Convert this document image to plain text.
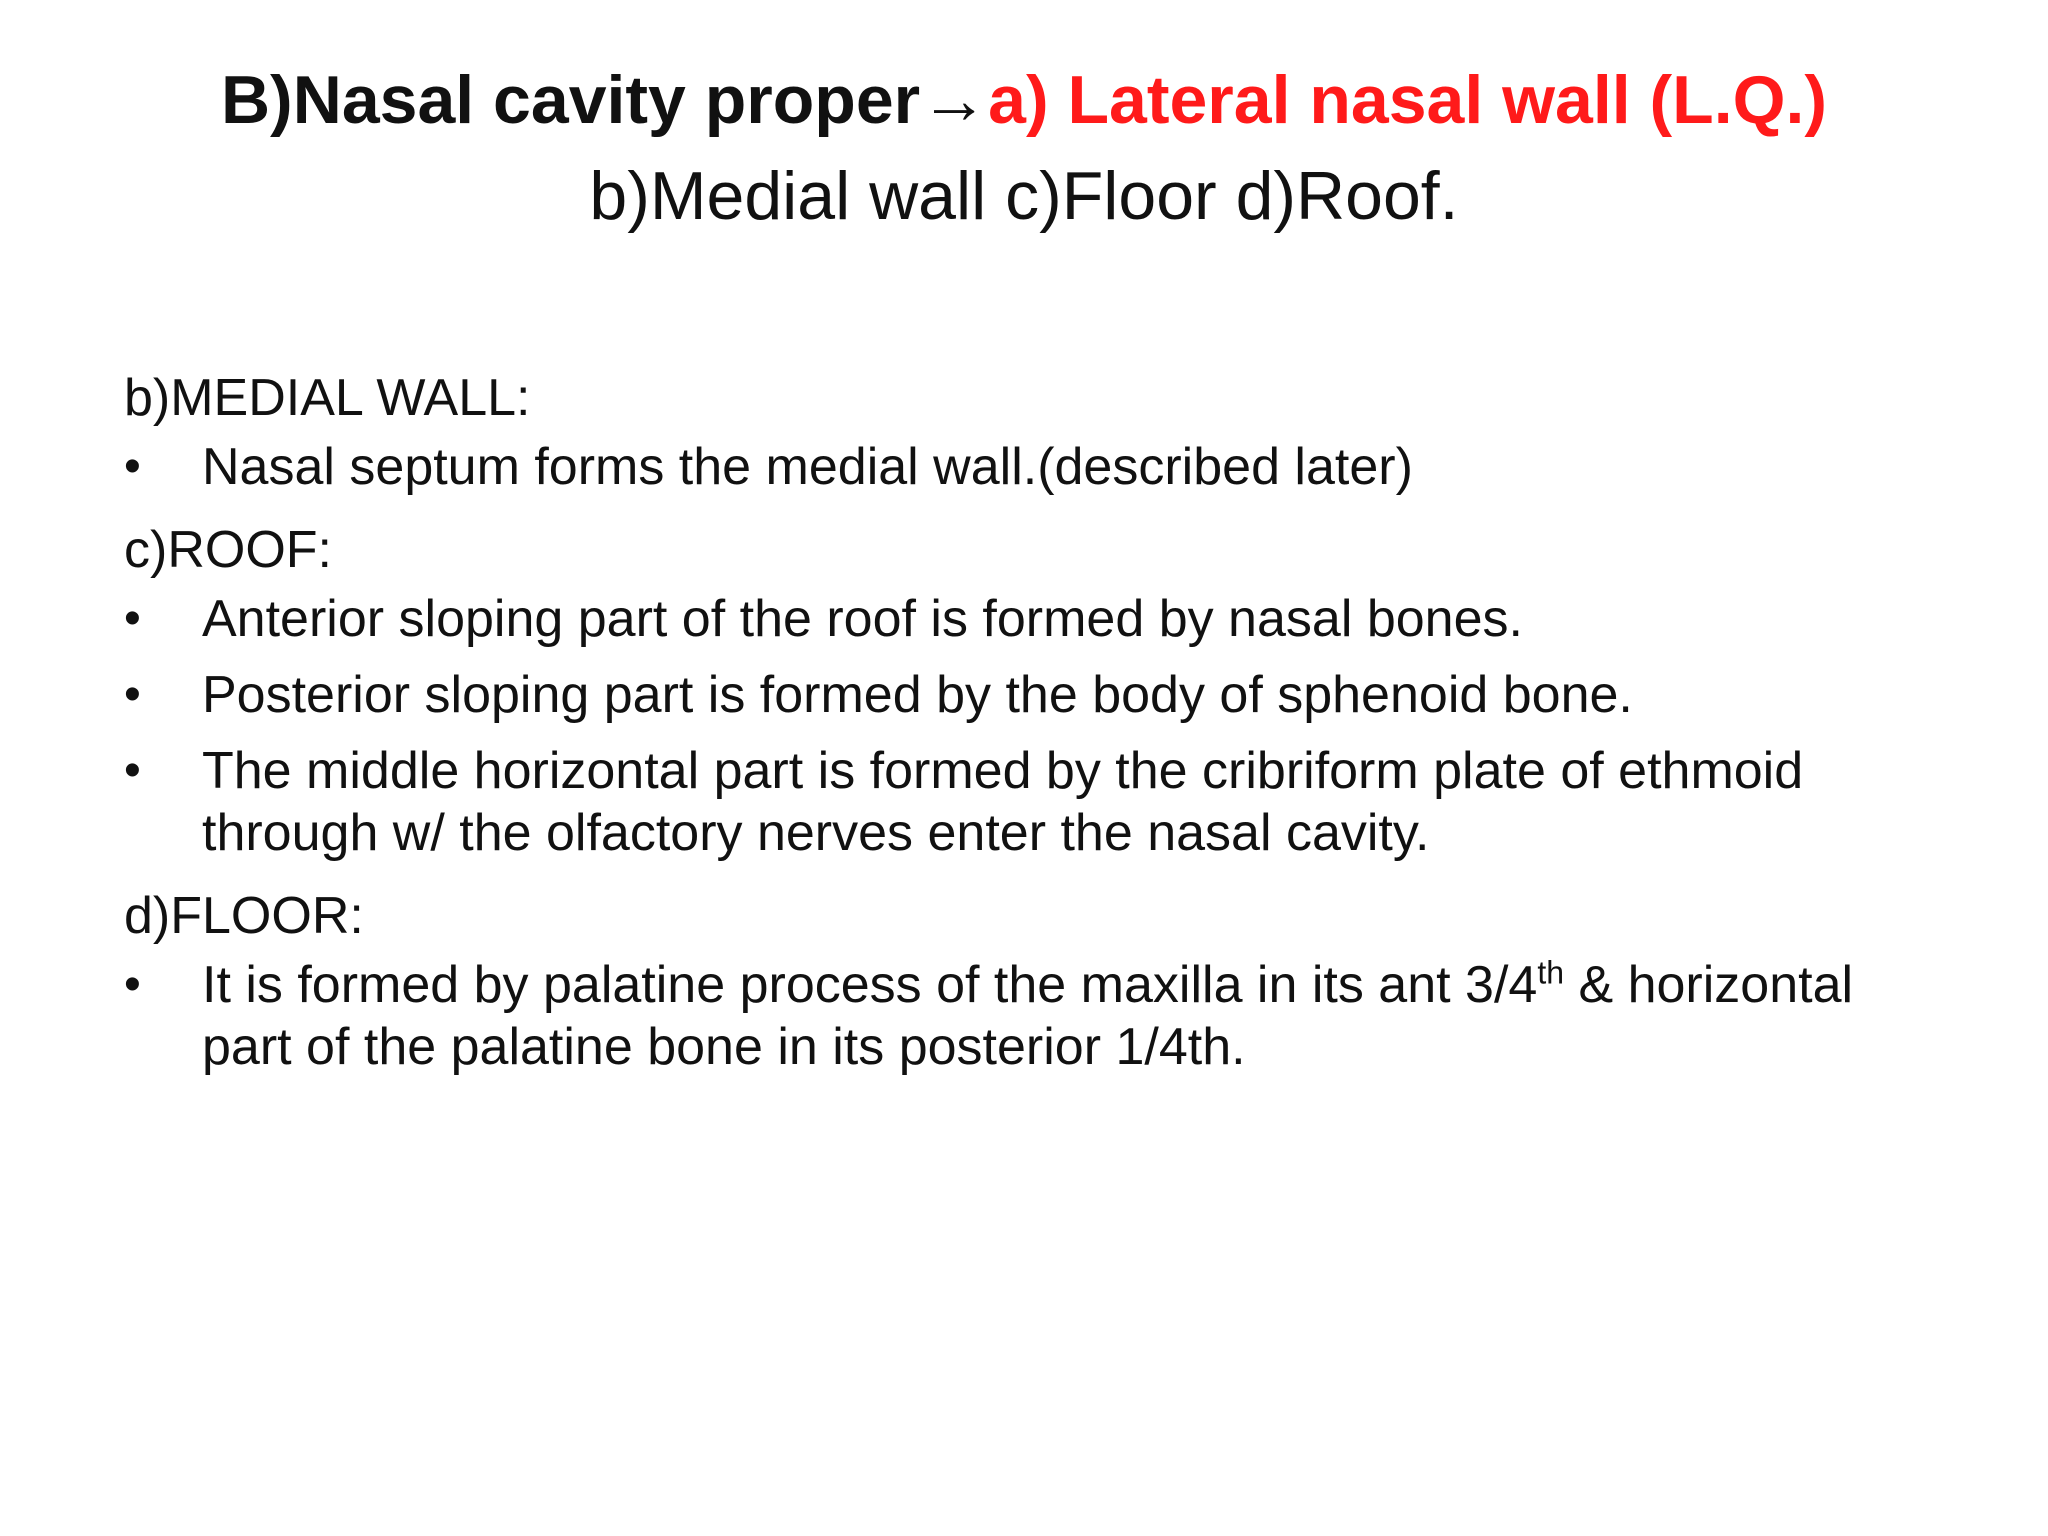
B)Nasal cavity proper→a) Lateral nasal wall (L.Q.)
b)Medial wall c)Floor d)Roof.
b)MEDIAL WALL:
•	Nasal septum forms the medial wall.(described later)
c)ROOF:
•	Anterior sloping part of the roof is formed by nasal bones.
•	Posterior sloping part is formed by the body of sphenoid bone.
•	The middle horizontal part is formed by the cribriform plate of ethmoid through w/ the olfactory nerves enter the nasal cavity.
d)FLOOR:
•	It is formed by palatine process of the maxilla in its ant 3/4th & horizontal part of the palatine bone in its posterior 1/4th.
